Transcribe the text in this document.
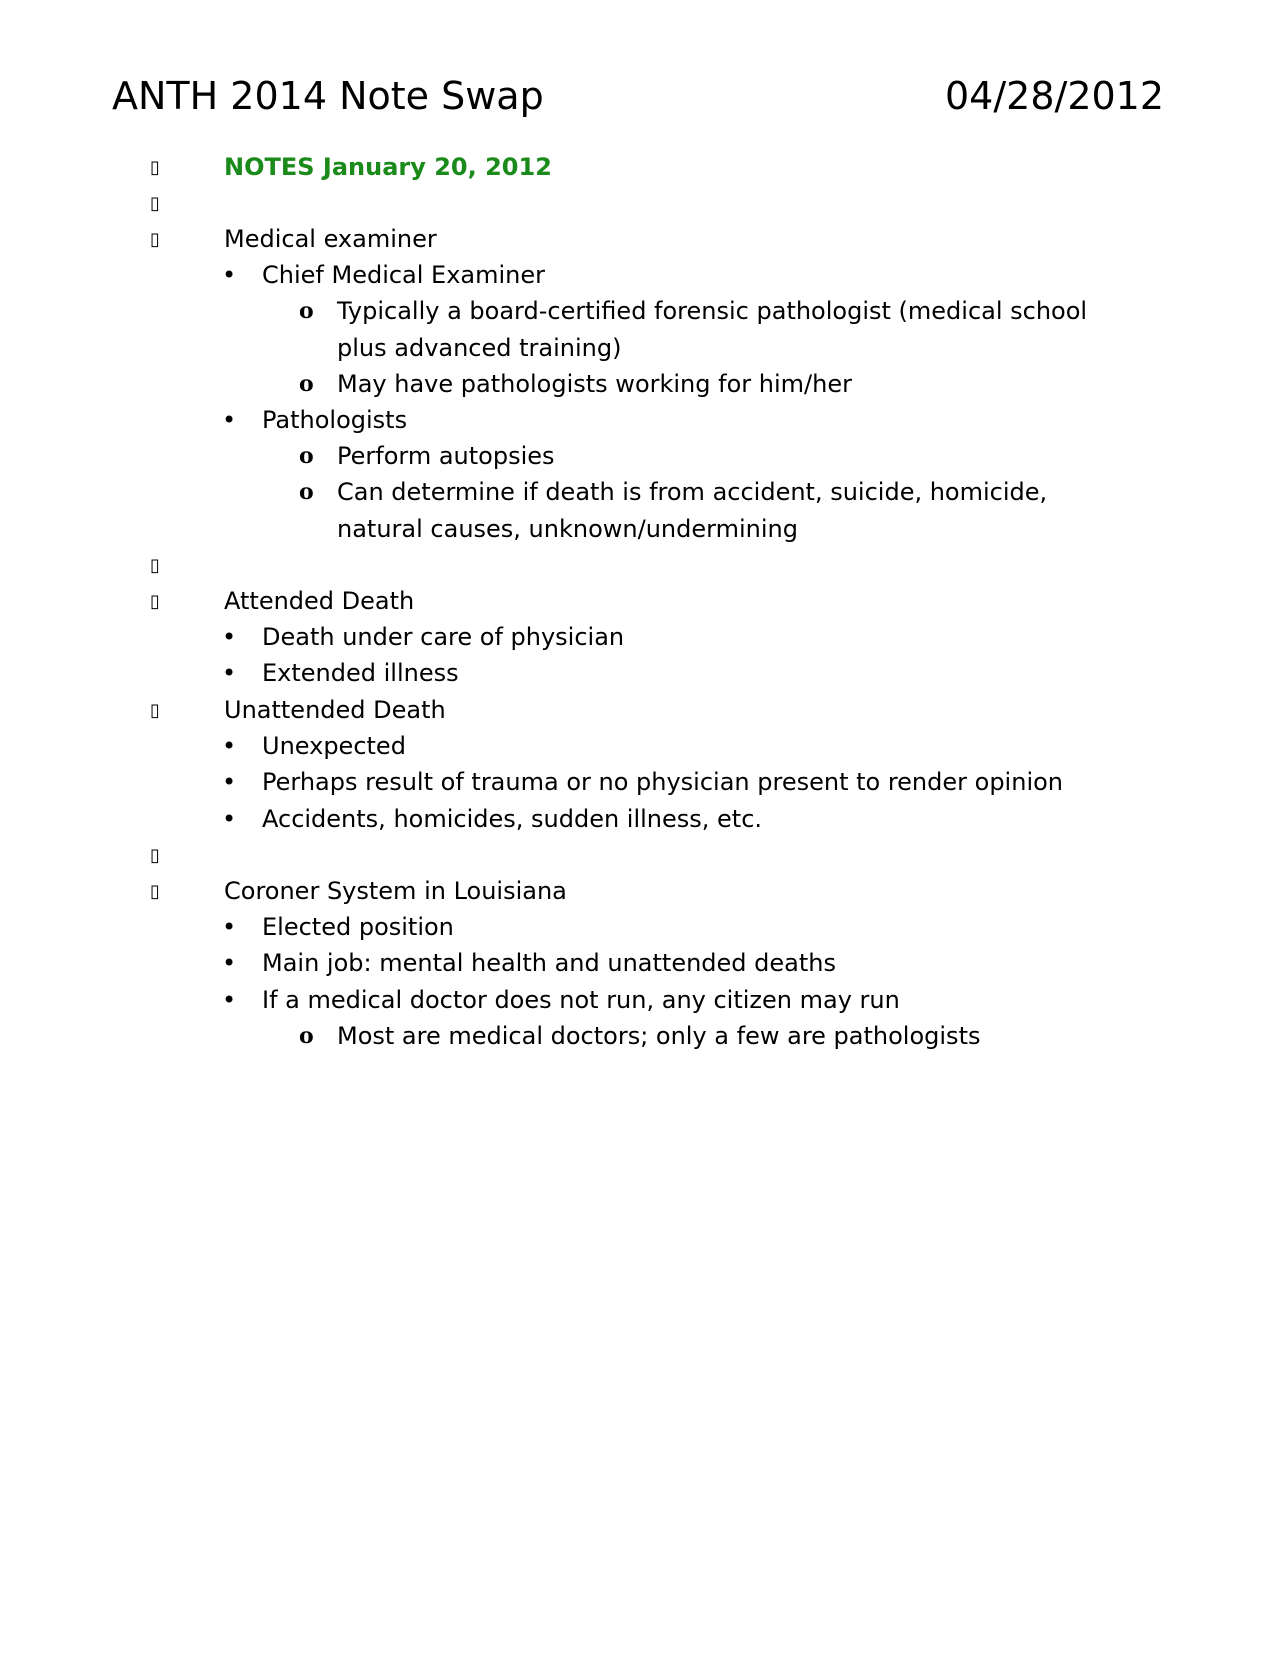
ANTH 2014 Note Swap	04/28/2012
▯	NOTES January 20, 2012
▯
▯	Medical examiner
• Chief Medical Examiner
o Typically a board-certified forensic pathologist (medical school
plus advanced training)
o May have pathologists working for him/her
• Pathologists
o Perform autopsies
o Can determine if death is from accident, suicide, homicide,
natural causes, unknown/undermining
▯
▯	Attended Death
• Death under care of physician
• Extended illness
▯	Unattended Death
• Unexpected
• Perhaps result of trauma or no physician present to render opinion
• Accidents, homicides, sudden illness, etc.
▯
▯	Coroner System in Louisiana
• Elected position
• Main job: mental health and unattended deaths
• If a medical doctor does not run, any citizen may run
o Most are medical doctors; only a few are pathologists
